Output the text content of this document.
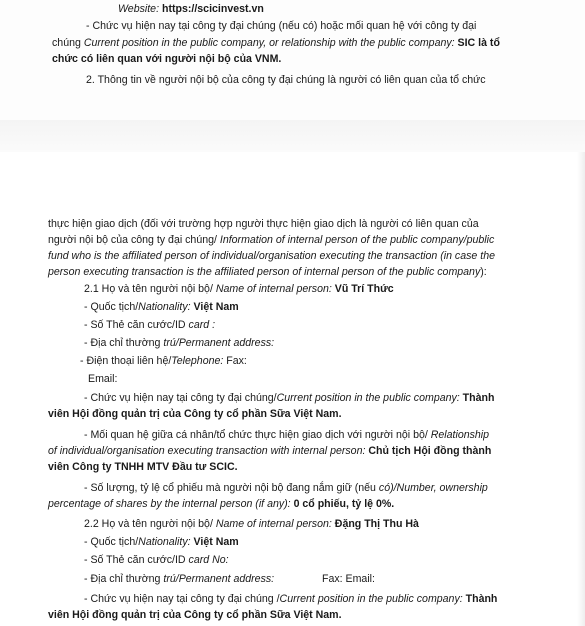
Website: https://scicinvest.vn
- Chức vụ hiện nay tại công ty đại chúng (nếu có) hoặc mối quan hệ với công ty đại
chúng Current position in the public company, or relationship with the public company: SIC là tổ
chức có liên quan với người nội bộ của VNM.
2. Thông tin về người nội bộ của công ty đại chúng là người có liên quan của tổ chức
thực hiện giao dịch (đối với trường hợp người thực hiện giao dịch là người có liên quan của
người nội bộ của công ty đại chúng/ Information of internal person of the public company/public
fund who is the affiliated person of individual/organisation executing the transaction (in case the
person executing transaction is the affiliated person of internal person of the public company):
2.1 Họ và tên người nội bộ/ Name of internal person: Vũ Trí Thức
- Quốc tịch/Nationality: Việt Nam
- Số Thẻ căn cước/ID card :
- Địa chỉ thường trú/Permanent address:
- Điện thoại liên hệ/Telephone: Fax:
Email:
- Chức vụ hiện nay tại công ty đại chúng/Current position in the public company: Thành
viên Hội đồng quản trị của Công ty cổ phần Sữa Việt Nam.
- Mối quan hệ giữa cá nhân/tổ chức thực hiện giao dịch với người nội bộ/ Relationship
of individual/organisation executing transaction with internal person: Chủ tịch Hội đồng thành
viên Công ty TNHH MTV Đầu tư SCIC.
- Số lượng, tỷ lệ cổ phiếu mà người nội bộ đang nắm giữ (nếu có)/Number, ownership
percentage of shares by the internal person (if any): 0 cổ phiếu, tỷ lệ 0%.
2.2 Họ và tên người nội bộ/ Name of internal person: Đặng Thị Thu Hà
- Quốc tịch/Nationality: Việt Nam
- Số Thẻ căn cước/ID card No:
- Địa chỉ thường trú/Permanent address:	Fax: Email:
- Chức vụ hiện nay tại công ty đại chúng /Current position in the public company: Thành
viên Hội đồng quản trị của Công ty cổ phần Sữa Việt Nam.
